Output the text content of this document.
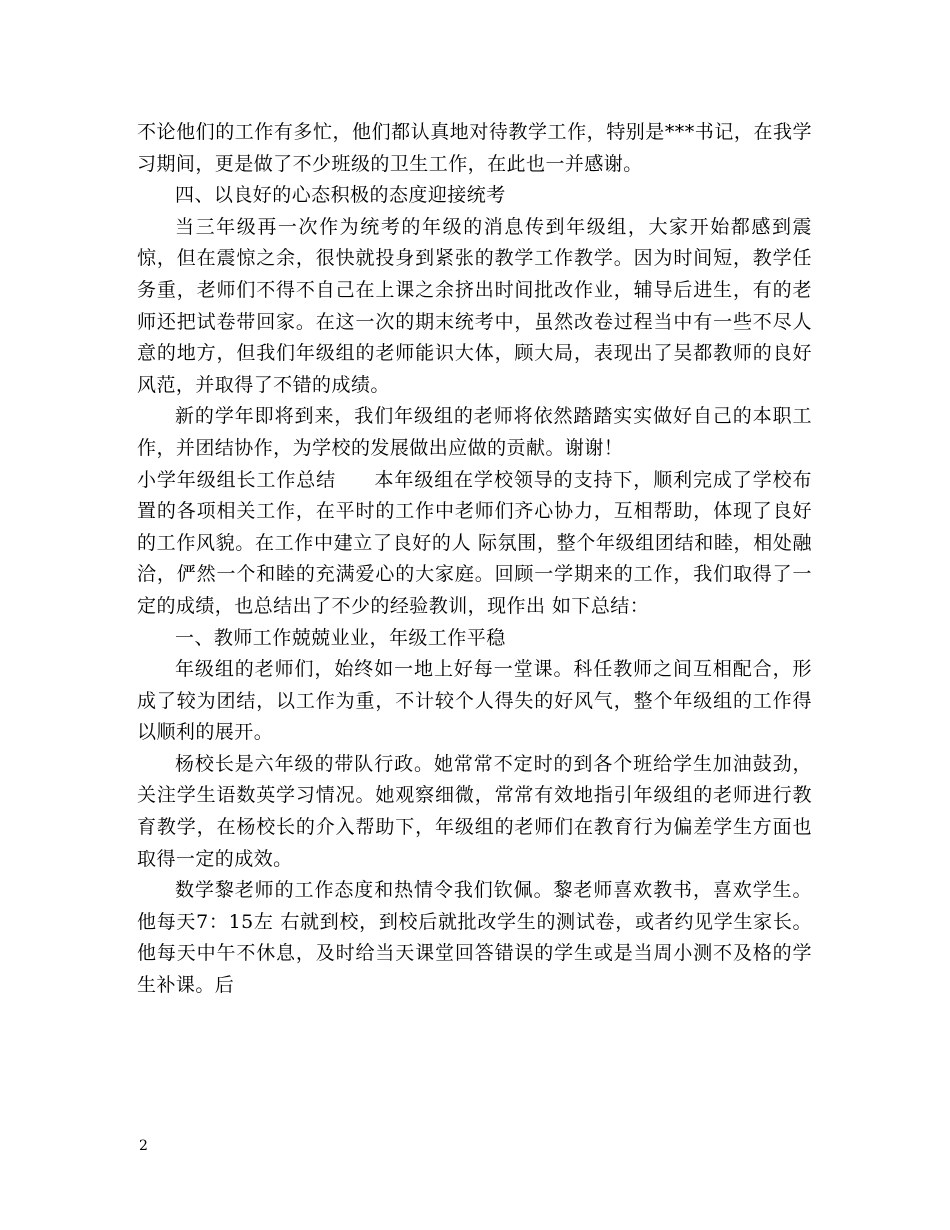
不论他们的工作有多忙，他们都认真地对待教学工作，特别是***书记，在我学习期间，更是做了不少班级的卫生工作，在此也一并感谢。

四、以良好的心态积极的态度迎接统考

当三年级再一次作为统考的年级的消息传到年级组，大家开始都感到震惊，但在震惊之余，很快就投身到紧张的教学工作教学。因为时间短，教学任务重，老师们不得不自己在上课之余挤出时间批改作业，辅导后进生，有的老师还把试卷带回家。在这一次的期末统考中，虽然改卷过程当中有一些不尽人意的地方，但我们年级组的老师能识大体，顾大局，表现出了吴都教师的良好风范，并取得了不错的成绩。

新的学年即将到来，我们年级组的老师将依然踏踏实实做好自己的本职工作，并团结协作，为学校的发展做出应做的贡献。谢谢！

小学年级组长工作总结 本年级组在学校领导的支持下，顺利完成了学校布置的各项相关工作，在平时的工作中老师们齐心协力，互相帮助，体现了良好的工作风貌。在工作中建立了良好的人 际氛围，整个年级组团结和睦，相处融洽，俨然一个和睦的充满爱心的大家庭。回顾一学期来的工作，我们取得了一定的成绩，也总结出了不少的经验教训，现作出 如下总结：

一、教师工作兢兢业业，年级工作平稳

年级组的老师们，始终如一地上好每一堂课。科任教师之间互相配合，形成了较为团结，以工作为重，不计较个人得失的好风气，整个年级组的工作得以顺利的展开。

杨校长是六年级的带队行政。她常常不定时的到各个班给学生加油鼓劲，关注学生语数英学习情况。她观察细微，常常有效地指引年级组的老师进行教育教学，在杨校长的介入帮助下，年级组的老师们在教育行为偏差学生方面也取得一定的成效。

数学黎老师的工作态度和热情令我们钦佩。黎老师喜欢教书，喜欢学生。他每天7：15左 右就到校，到校后就批改学生的测试卷，或者约见学生家长。他每天中午不休息，及时给当天课堂回答错误的学生或是当周小测不及格的学生补课。后

2
